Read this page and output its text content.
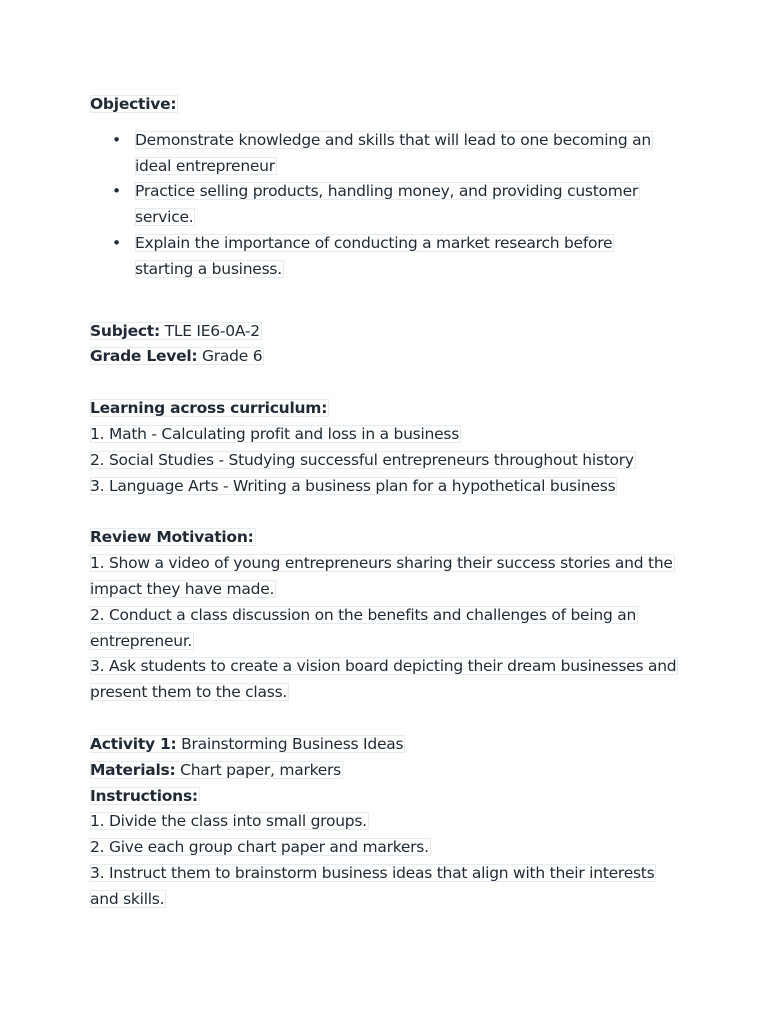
Objective:
• Demonstrate knowledge and skills that will lead to one becoming an ideal entrepreneur
• Practice selling products, handling money, and providing customer service.
• Explain the importance of conducting a market research before starting a business.
Subject: TLE IE6-0A-2
Grade Level: Grade 6
Learning across curriculum:
1. Math - Calculating profit and loss in a business
2. Social Studies - Studying successful entrepreneurs throughout history
3. Language Arts - Writing a business plan for a hypothetical business
Review Motivation:
1. Show a video of young entrepreneurs sharing their success stories and the impact they have made.
2. Conduct a class discussion on the benefits and challenges of being an entrepreneur.
3. Ask students to create a vision board depicting their dream businesses and present them to the class.
Activity 1: Brainstorming Business Ideas
Materials: Chart paper, markers
Instructions:
1. Divide the class into small groups.
2. Give each group chart paper and markers.
3. Instruct them to brainstorm business ideas that align with their interests and skills.
